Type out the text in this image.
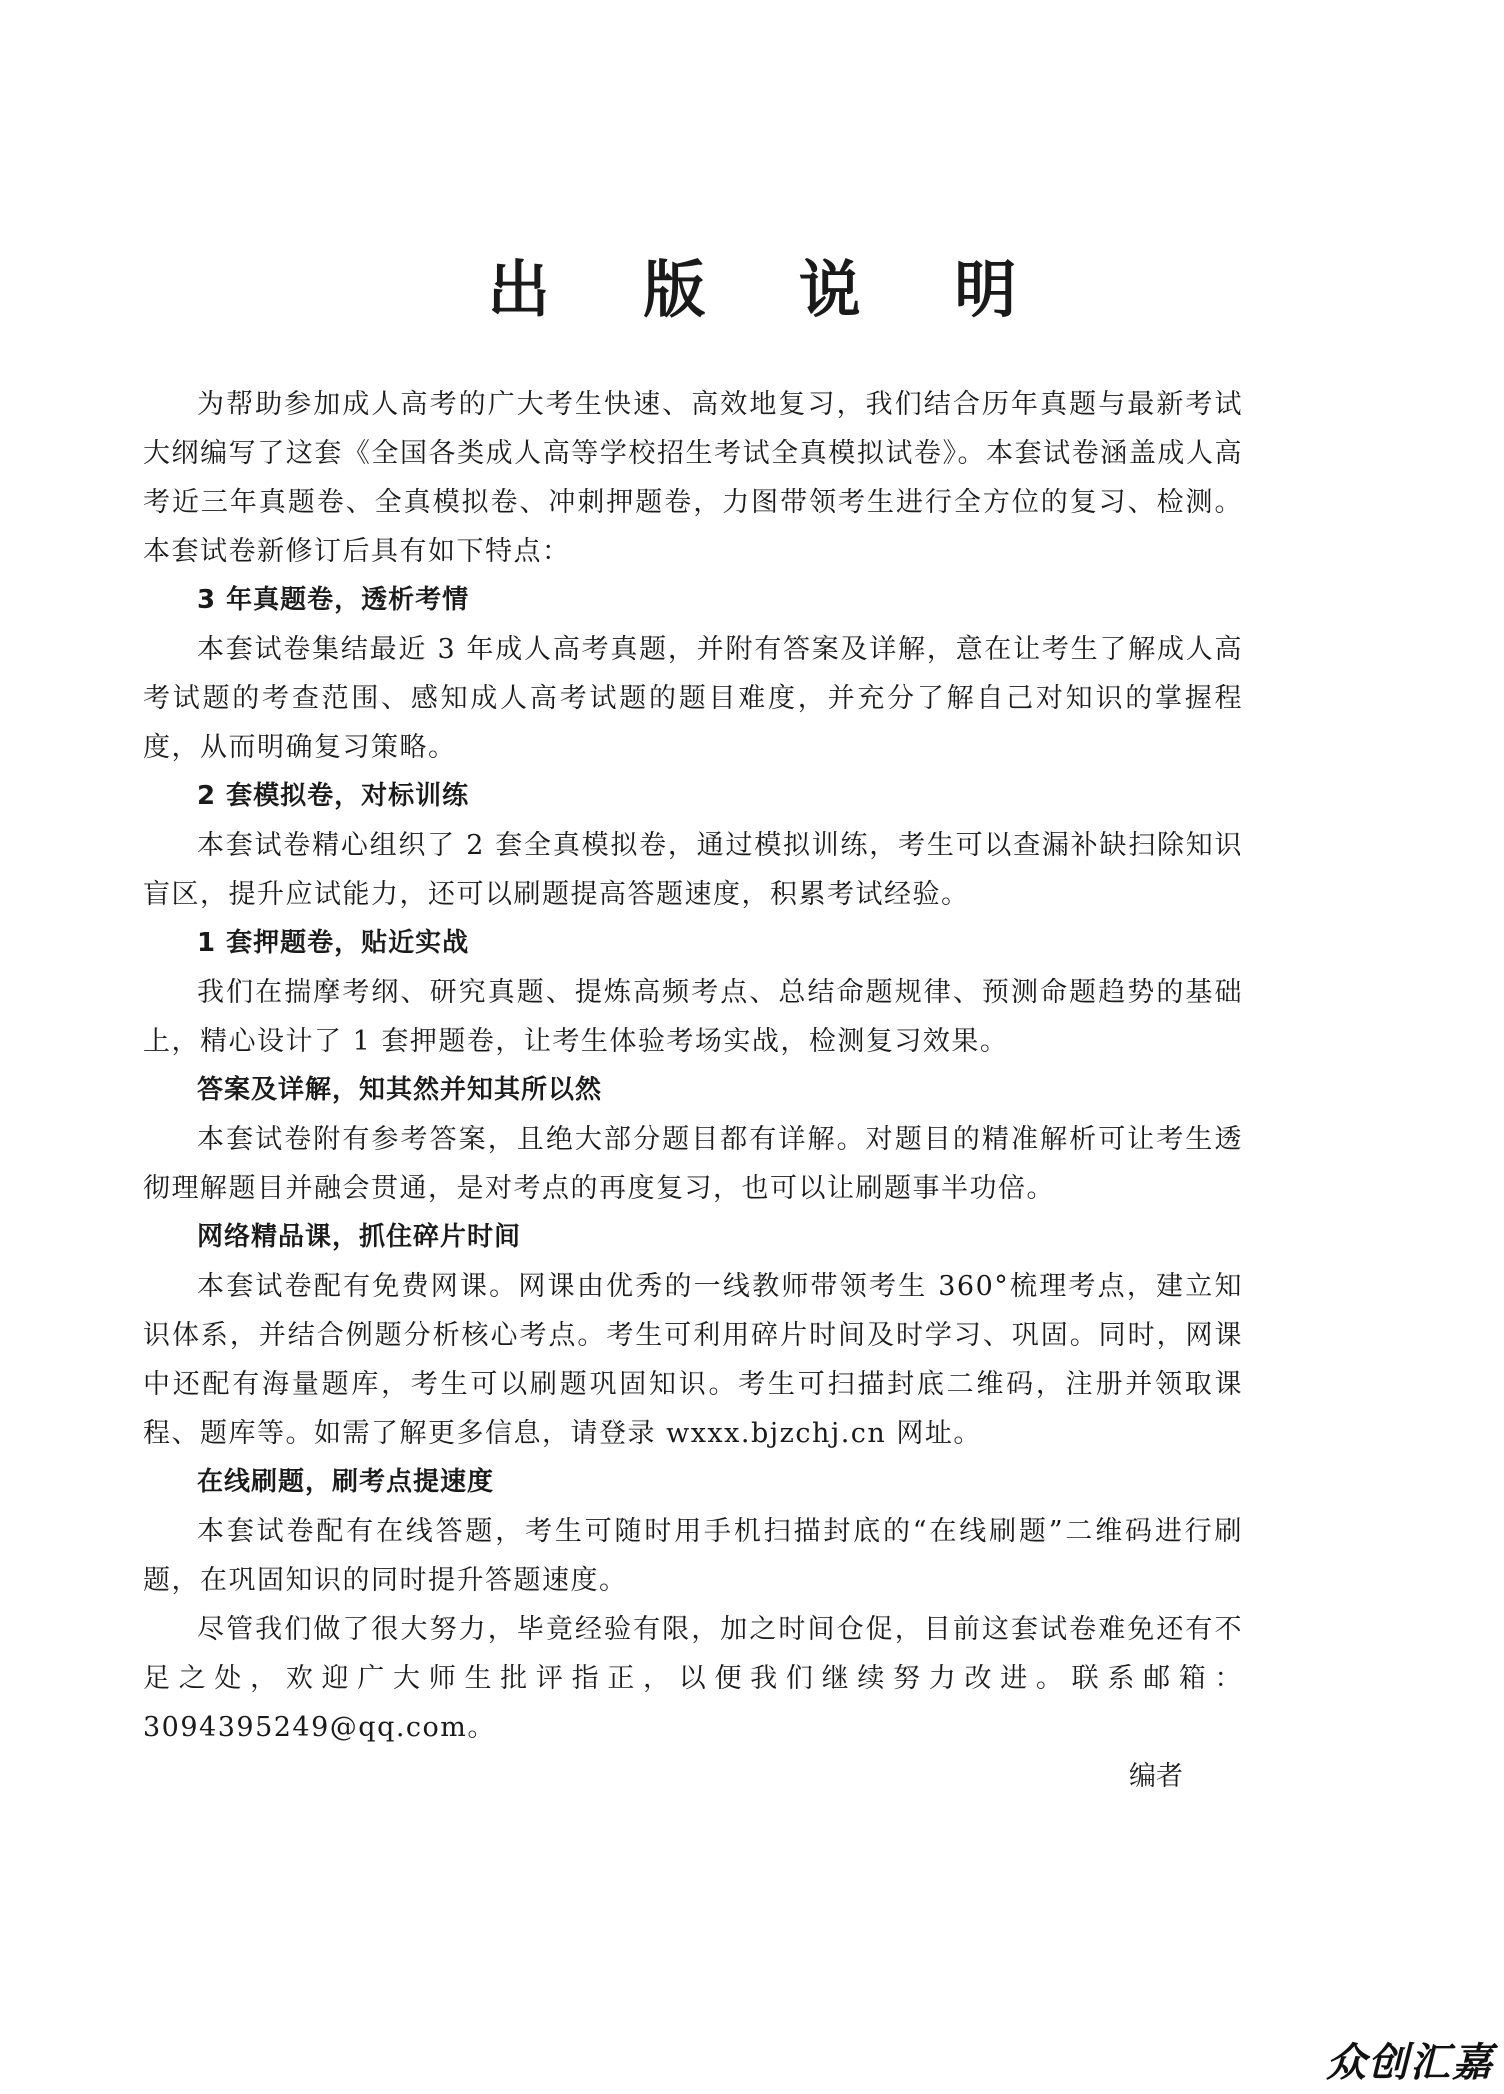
出 版 说 明

为帮助参加成人高考的广大考生快速、高效地复习，我们结合历年真题与最新考试大纲编写了这套《全国各类成人高等学校招生考试全真模拟试卷》。本套试卷涵盖成人高考近三年真题卷、全真模拟卷、冲刺押题卷，力图带领考生进行全方位的复习、检测。本套试卷新修订后具有如下特点：

3 年真题卷，透析考情

本套试卷集结最近 3 年成人高考真题，并附有答案及详解，意在让考生了解成人高考试题的考查范围、感知成人高考试题的题目难度，并充分了解自己对知识的掌握程度，从而明确复习策略。

2 套模拟卷，对标训练

本套试卷精心组织了 2 套全真模拟卷，通过模拟训练，考生可以查漏补缺扫除知识盲区，提升应试能力，还可以刷题提高答题速度，积累考试经验。

1 套押题卷，贴近实战

我们在揣摩考纲、研究真题、提炼高频考点、总结命题规律、预测命题趋势的基础上，精心设计了 1 套押题卷，让考生体验考场实战，检测复习效果。

答案及详解，知其然并知其所以然

本套试卷附有参考答案，且绝大部分题目都有详解。对题目的精准解析可让考生透彻理解题目并融会贯通，是对考点的再度复习，也可以让刷题事半功倍。

网络精品课，抓住碎片时间

本套试卷配有免费网课。网课由优秀的一线教师带领考生 360°梳理考点，建立知识体系，并结合例题分析核心考点。考生可利用碎片时间及时学习、巩固。同时，网课中还配有海量题库，考生可以刷题巩固知识。考生可扫描封底二维码，注册并领取课程、题库等。如需了解更多信息，请登录 wxxx.bjzchj.cn 网址。

在线刷题，刷考点提速度

本套试卷配有在线答题，考生可随时用手机扫描封底的“在线刷题”二维码进行刷题，在巩固知识的同时提升答题速度。

尽管我们做了很大努力，毕竟经验有限，加之时间仓促，目前这套试卷难免还有不足之处，欢迎广大师生批评指正，以便我们继续努力改进。联系邮箱：3094395249@qq.com。

编者

众创汇嘉
